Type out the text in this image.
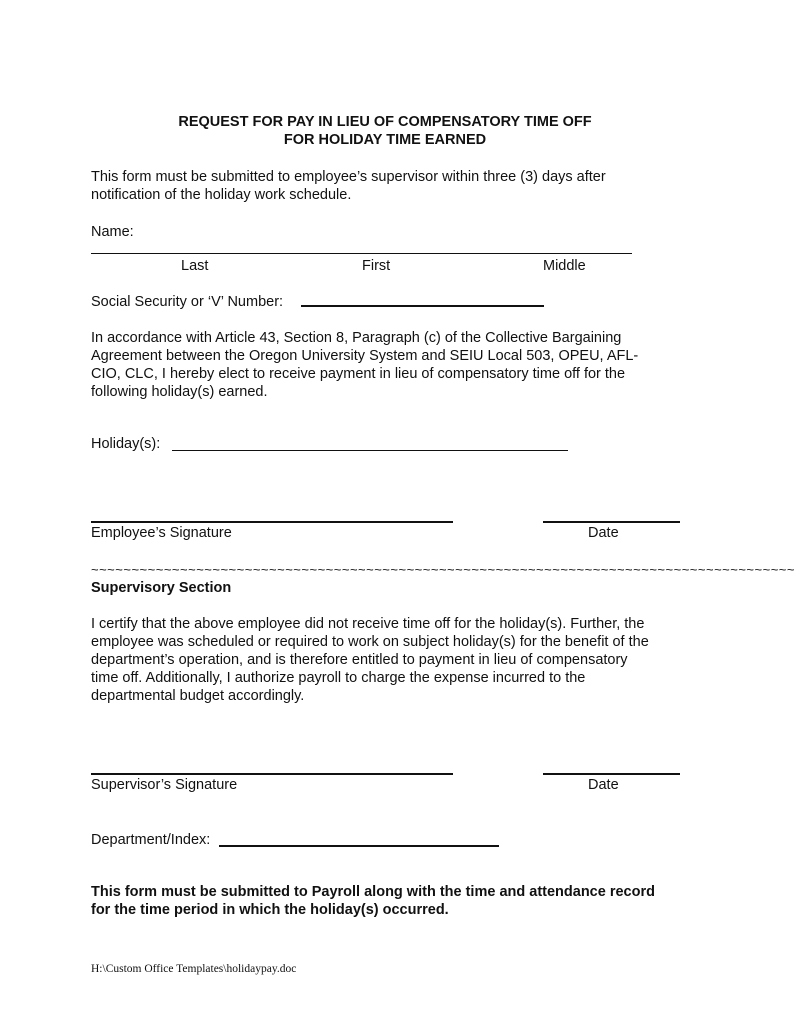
REQUEST FOR PAY IN LIEU OF COMPENSATORY TIME OFF
FOR HOLIDAY TIME EARNED
This form must be submitted to employee’s supervisor within three (3) days after
notification of the holiday work schedule.
Name:
Last	First	Middle
Social Security or ‘V’ Number:
In accordance with Article 43, Section 8, Paragraph (c) of the Collective Bargaining
Agreement between the Oregon University System and SEIU Local 503, OPEU, AFL-
CIO, CLC, I hereby elect to receive payment in lieu of compensatory time off for the
following holiday(s) earned.
Holiday(s):
Employee’s Signature	Date
~~~~~~~~~~~~~~~~~~~~~~~~~~~~~~~~~~~~~~~~~~~~~~~~~~~~~~~~~~~~~~~~~~~~~~~~~~~~~~~~~~~~~~~
Supervisory Section
I certify that the above employee did not receive time off for the holiday(s). Further, the
employee was scheduled or required to work on subject holiday(s) for the benefit of the
department’s operation, and is therefore entitled to payment in lieu of compensatory
time off. Additionally, I authorize payroll to charge the expense incurred to the
departmental budget accordingly.
Supervisor’s Signature	Date
Department/Index:
This form must be submitted to Payroll along with the time and attendance record
for the time period in which the holiday(s) occurred.
H:\Custom Office Templates\holidaypay.doc
